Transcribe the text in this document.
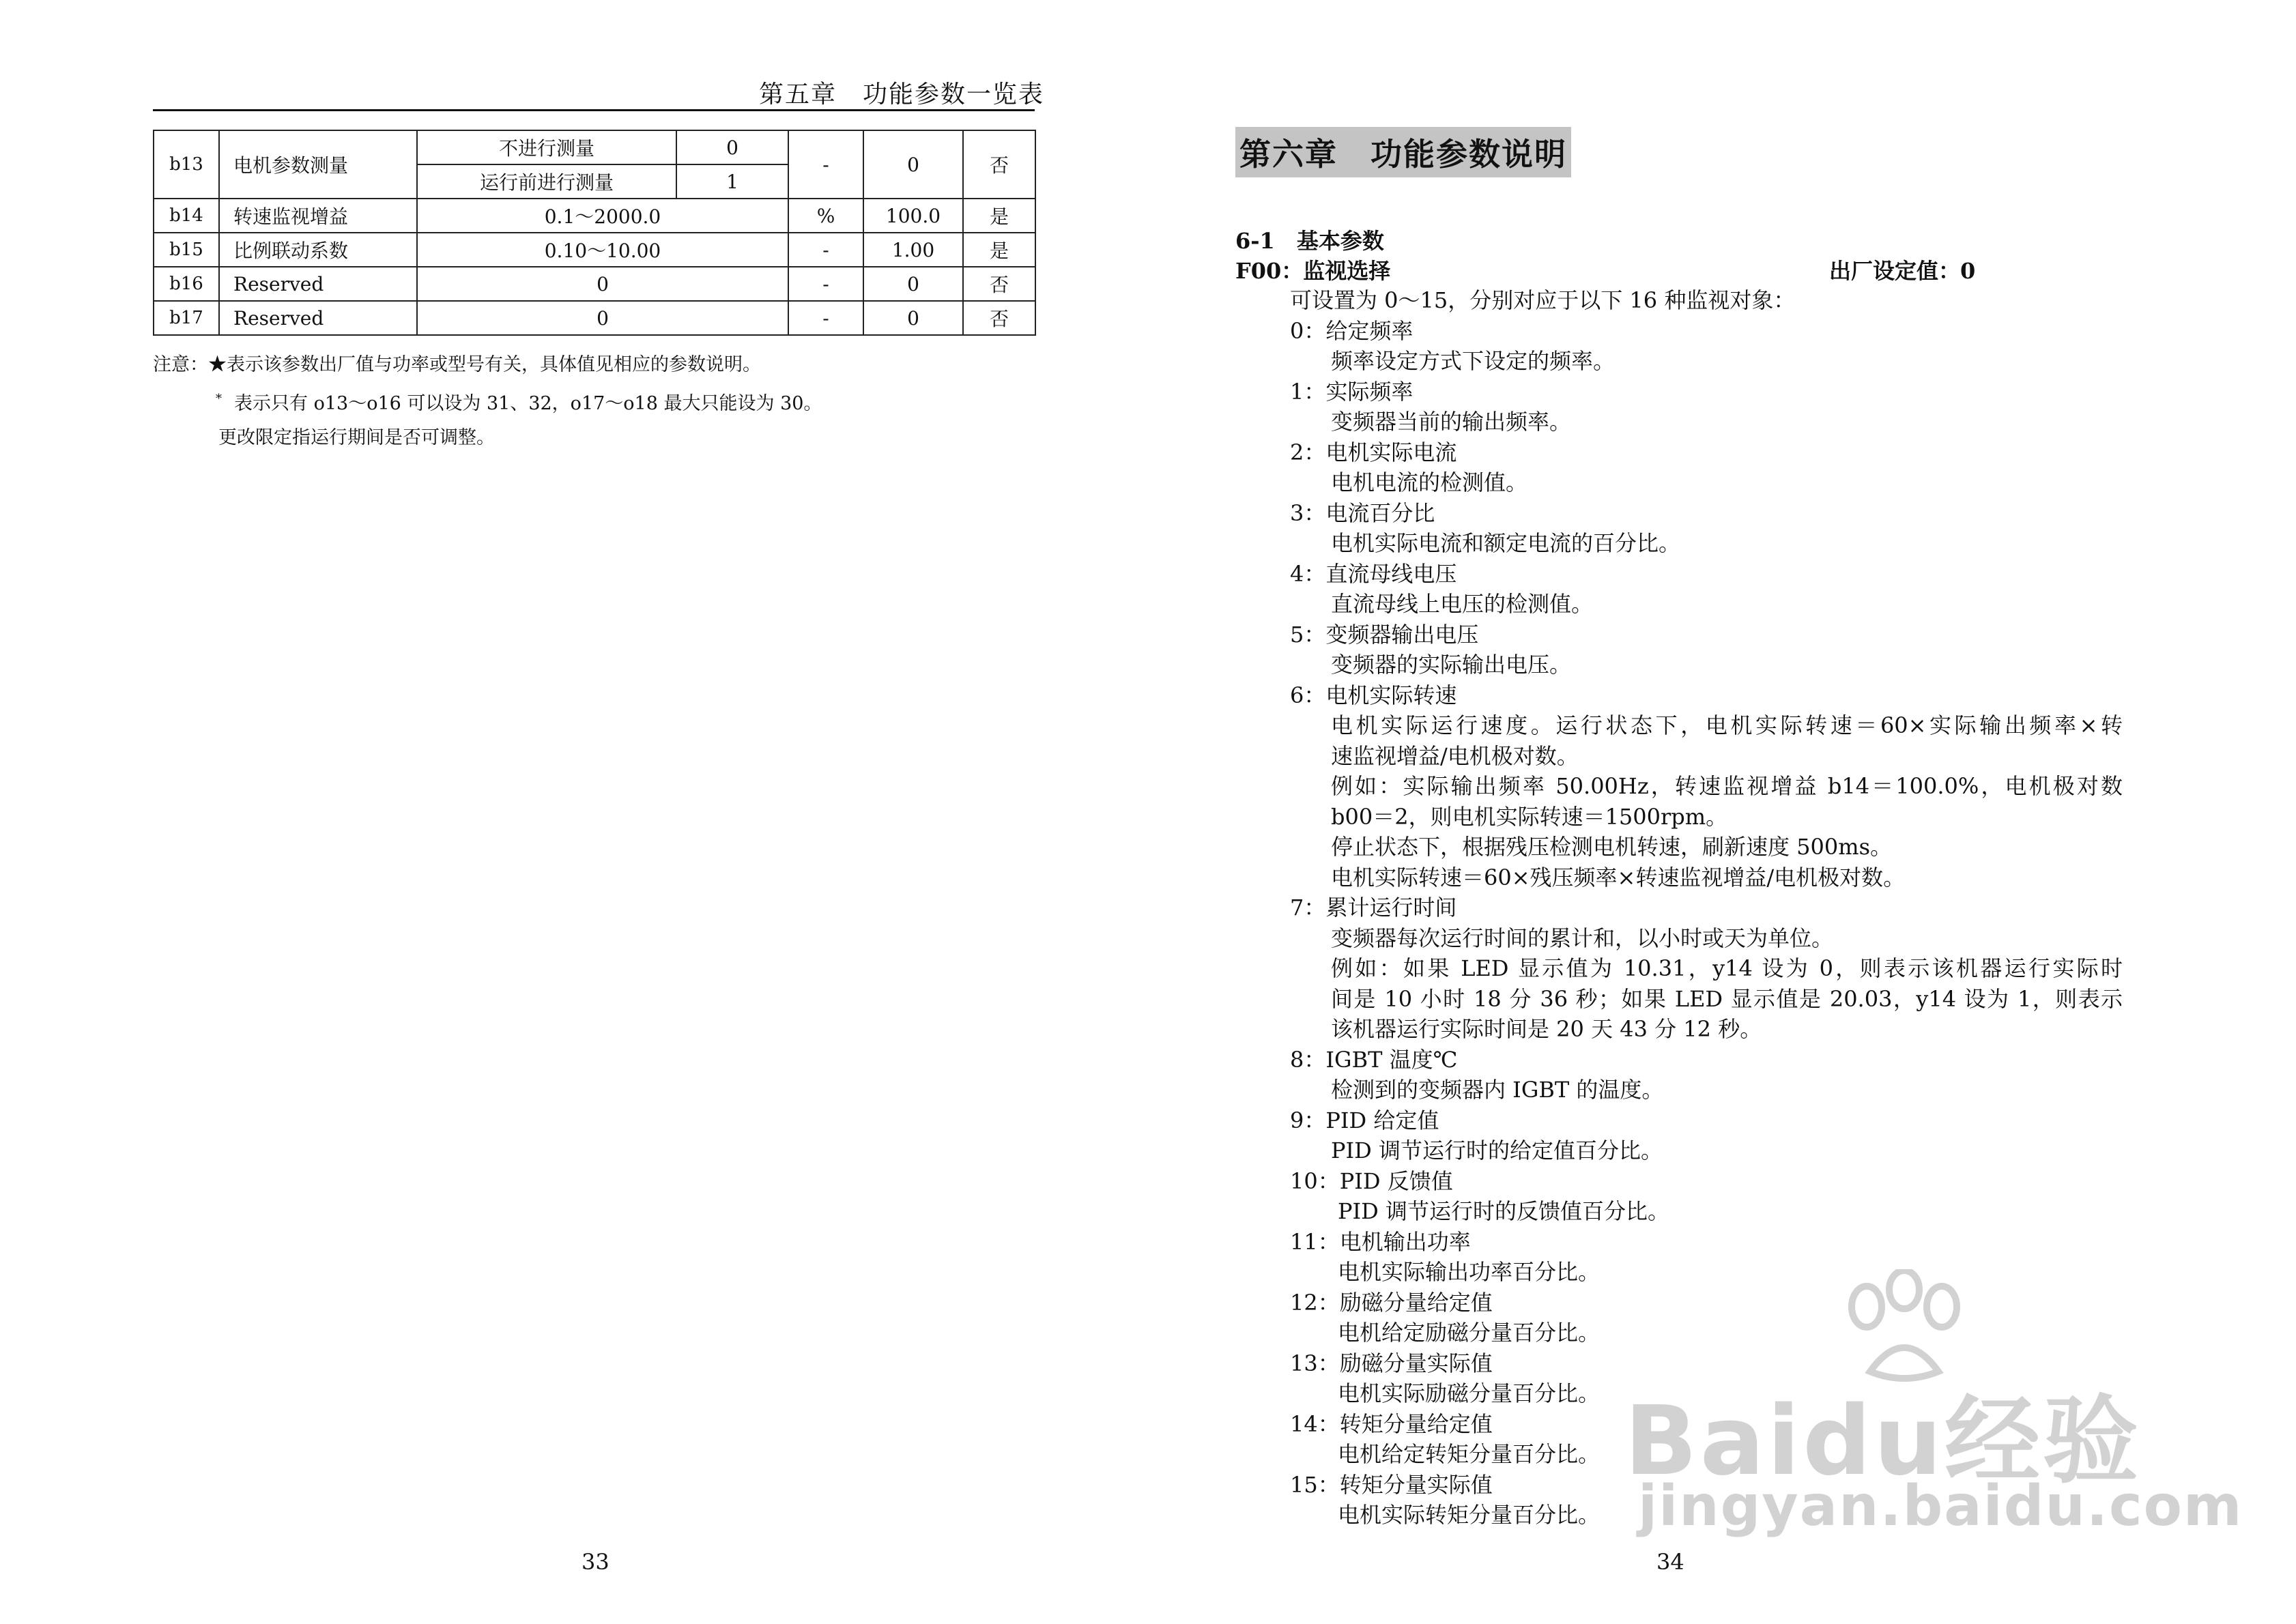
第五章　功能参数一览表
b13	电机参数测量	不进行测量	0	-	0	否
		运行前进行测量	1			
b14	转速监视增益	0.1～2000.0		%	100.0	是
b15	比例联动系数	0.10～10.00		-	1.00	是
b16	Reserved	0		-	0	否
b17	Reserved	0		-	0	否
注意：★表示该参数出厂值与功率或型号有关，具体值见相应的参数说明。
* 表示只有 o13～o16 可以设为 31、32，o17～o18 最大只能设为 30。
更改限定指运行期间是否可调整。
33
第六章　功能参数说明
6-1　基本参数
F00：监视选择	出厂设定值：0
可设置为 0～15，分别对应于以下 16 种监视对象：
0：给定频率
频率设定方式下设定的频率。
1：实际频率
变频器当前的输出频率。
2：电机实际电流
电机电流的检测值。
3：电流百分比
电机实际电流和额定电流的百分比。
4：直流母线电压
直流母线上电压的检测值。
5：变频器输出电压
变频器的实际输出电压。
6：电机实际转速
电机实际运行速度。运行状态下，电机实际转速＝60×实际输出频率×转
速监视增益/电机极对数。
例如：实际输出频率 50.00Hz，转速监视增益 b14＝100.0%，电机极对数
b00＝2，则电机实际转速＝1500rpm。
停止状态下，根据残压检测电机转速，刷新速度 500ms。
电机实际转速＝60×残压频率×转速监视增益/电机极对数。
7：累计运行时间
变频器每次运行时间的累计和，以小时或天为单位。
例如：如果 LED 显示值为 10.31，y14 设为 0，则表示该机器运行实际时
间是 10 小时 18 分 36 秒；如果 LED 显示值是 20.03，y14 设为 1，则表示
该机器运行实际时间是 20 天 43 分 12 秒。
8：IGBT 温度℃
检测到的变频器内 IGBT 的温度。
9：PID 给定值
PID 调节运行时的给定值百分比。
10：PID 反馈值
PID 调节运行时的反馈值百分比。
11：电机输出功率
电机实际输出功率百分比。
12：励磁分量给定值
电机给定励磁分量百分比。
13：励磁分量实际值
电机实际励磁分量百分比。
14：转矩分量给定值
电机给定转矩分量百分比。
15：转矩分量实际值
电机实际转矩分量百分比。
34
Baidu经验
jingyan.baidu.com
